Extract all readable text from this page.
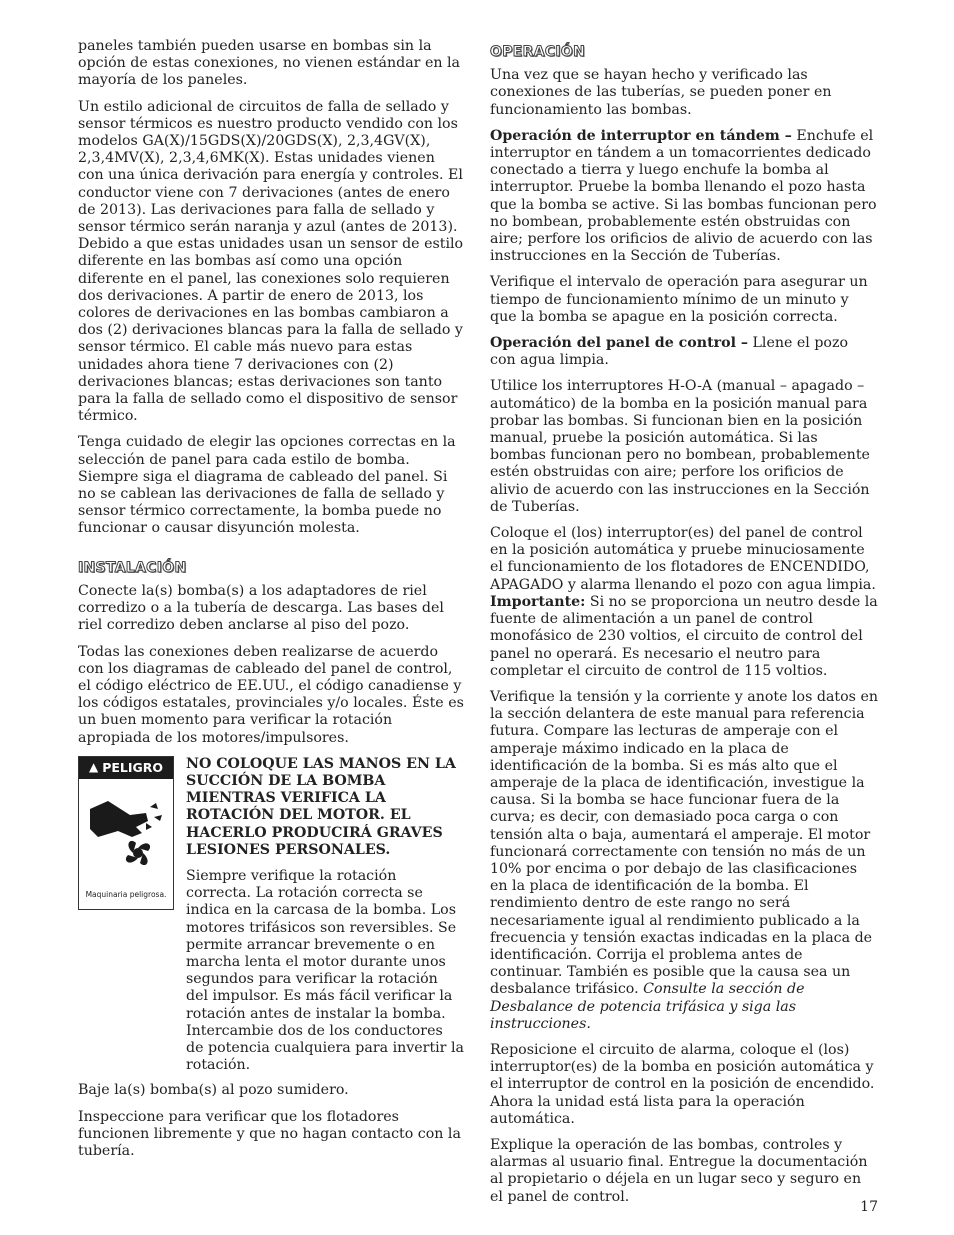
paneles también pueden usarse en bombas sin la opción de estas conexiones, no vienen estándar en la mayoría de los paneles.

Un estilo adicional de circuitos de falla de sellado y sensor térmicos es nuestro producto vendido con los modelos GA(X)/15GDS(X)/20GDS(X), 2,3,4GV(X), 2,3,4MV(X), 2,3,4,6MK(X). Estas unidades vienen con una única derivación para energía y controles. El conductor viene con 7 derivaciones (antes de enero de 2013). Las derivaciones para falla de sellado y sensor térmico serán naranja y azul (antes de 2013). Debido a que estas unidades usan un sensor de estilo diferente en las bombas así como una opción diferente en el panel, las conexiones solo requieren dos derivaciones. A partir de enero de 2013, los colores de derivaciones en las bombas cambiaron a dos (2) derivaciones blancas para la falla de sellado y sensor térmico. El cable más nuevo para estas unidades ahora tiene 7 derivaciones con (2) derivaciones blancas; estas derivaciones son tanto para la falla de sellado como el dispositivo de sensor térmico.

Tenga cuidado de elegir las opciones correctas en la selección de panel para cada estilo de bomba. Siempre siga el diagrama de cableado del panel. Si no se cablean las derivaciones de falla de sellado y sensor térmico correctamente, la bomba puede no funcionar o causar disyunción molesta.

INSTALACIÓN

Conecte la(s) bomba(s) a los adaptadores de riel corredizo o a la tubería de descarga. Las bases del riel corredizo deben anclarse al piso del pozo.

Todas las conexiones deben realizarse de acuerdo con los diagramas de cableado del panel de control, el código eléctrico de EE.UU., el código canadiense y los códigos estatales, provinciales y/o locales. Éste es un buen momento para verificar la rotación apropiada de los motores/impulsores.

▲ PELIGRO
Maquinaria peligrosa.
NO COLOQUE LAS MANOS EN LA SUCCIÓN DE LA BOMBA MIENTRAS VERIFICA LA ROTACIÓN DEL MOTOR. EL HACERLO PRODUCIRÁ GRAVES LESIONES PERSONALES.
Siempre verifique la rotación correcta. La rotación correcta se indica en la carcasa de la bomba. Los motores trifásicos son reversibles. Se permite arrancar brevemente o en marcha lenta el motor durante unos segundos para verificar la rotación del impulsor. Es más fácil verificar la rotación antes de instalar la bomba. Intercambie dos de los conductores de potencia cualquiera para invertir la rotación.

Baje la(s) bomba(s) al pozo sumidero.

Inspeccione para verificar que los flotadores funcionen libremente y que no hagan contacto con la tubería.

OPERACIÓN

Una vez que se hayan hecho y verificado las conexiones de las tuberías, se pueden poner en funcionamiento las bombas.

Operación de interruptor en tándem – Enchufe el interruptor en tándem a un tomacorrientes dedicado conectado a tierra y luego enchufe la bomba al interruptor. Pruebe la bomba llenando el pozo hasta que la bomba se active. Si las bombas funcionan pero no bombean, probablemente estén obstruidas con aire; perfore los orificios de alivio de acuerdo con las instrucciones en la Sección de Tuberías.

Verifique el intervalo de operación para asegurar un tiempo de funcionamiento mínimo de un minuto y que la bomba se apague en la posición correcta.

Operación del panel de control – Llene el pozo con agua limpia.

Utilice los interruptores H-O-A (manual – apagado – automático) de la bomba en la posición manual para probar las bombas. Si funcionan bien en la posición manual, pruebe la posición automática. Si las bombas funcionan pero no bombean, probablemente estén obstruidas con aire; perfore los orificios de alivio de acuerdo con las instrucciones en la Sección de Tuberías.

Coloque el (los) interruptor(es) del panel de control en la posición automática y pruebe minuciosamente el funcionamiento de los flotadores de ENCENDIDO, APAGADO y alarma llenando el pozo con agua limpia. Importante: Si no se proporciona un neutro desde la fuente de alimentación a un panel de control monofásico de 230 voltios, el circuito de control del panel no operará. Es necesario el neutro para completar el circuito de control de 115 voltios.

Verifique la tensión y la corriente y anote los datos en la sección delantera de este manual para referencia futura. Compare las lecturas de amperaje con el amperaje máximo indicado en la placa de identificación de la bomba. Si es más alto que el amperaje de la placa de identificación, investigue la causa. Si la bomba se hace funcionar fuera de la curva; es decir, con demasiado poca carga o con tensión alta o baja, aumentará el amperaje. El motor funcionará correctamente con tensión no más de un 10% por encima o por debajo de las clasificaciones en la placa de identificación de la bomba. El rendimiento dentro de este rango no será necesariamente igual al rendimiento publicado a la frecuencia y tensión exactas indicadas en la placa de identificación. Corrija el problema antes de continuar. También es posible que la causa sea un desbalance trifásico. Consulte la sección de Desbalance de potencia trifásica y siga las instrucciones.

Reposicione el circuito de alarma, coloque el (los) interruptor(es) de la bomba en posición automática y el interruptor de control en la posición de encendido. Ahora la unidad está lista para la operación automática.

Explique la operación de las bombas, controles y alarmas al usuario final. Entregue la documentación al propietario o déjela en un lugar seco y seguro en el panel de control.

17
